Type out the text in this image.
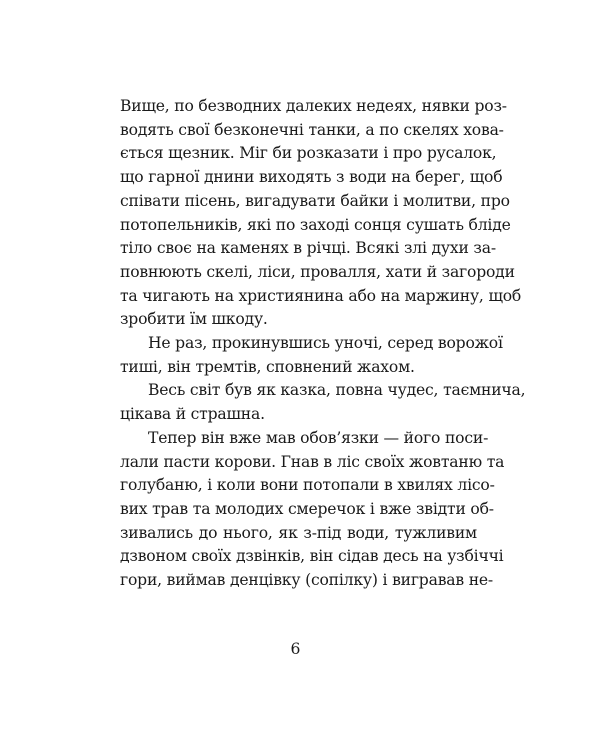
Вище, по безводних далеких недеях, нявки роз-
водять свої безконечні танки, а по скелях хова-
ється щезник. Міг би розказати і про русалок,
що гарної днини виходять з води на берег, щоб
співати пісень, вигадувати байки і молитви, про
потопельників, які по заході сонця сушать бліде
тіло своє на каменях в річці. Всякі злі духи за-
повнюють скелі, ліси, провалля, хати й загороди
та чигають на християнина або на маржину, щоб
зробити їм шкоду.
Не раз, прокинувшись уночі, серед ворожої
тиші, він тремтів, сповнений жахом.
Весь світ був як казка, повна чудес, таємнича,
цікава й страшна.
Тепер він вже мав обов’язки — його поси-
лали пасти корови. Гнав в ліс своїх жовтаню та
голубаню, і коли вони потопали в хвилях лісо-
вих трав та молодих смеречок і вже звідти об-
зивались до нього, як з-під води, тужливим
дзвоном своїх дзвінків, він сідав десь на узбіччі
гори, виймав денцівку (сопілку) і вигравав не-
6
